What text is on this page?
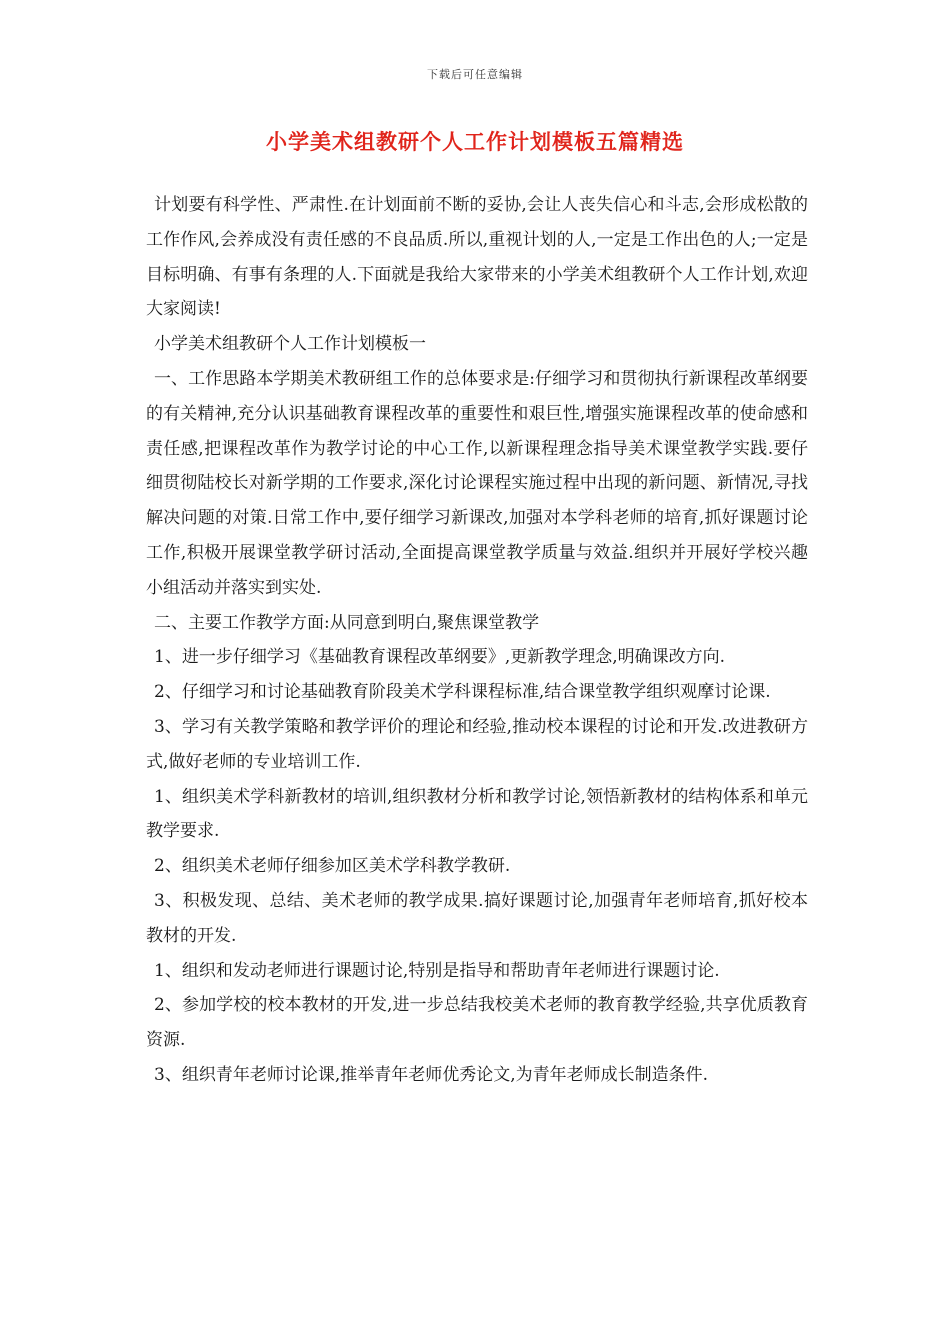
下载后可任意编辑
小学美术组教研个人工作计划模板五篇精选

计划要有科学性、严肃性.在计划面前不断的妥协,会让人丧失信心和斗志,会形成松散的工作作风,会养成没有责任感的不良品质.所以,重视计划的人,一定是工作出色的人;一定是目标明确、有事有条理的人.下面就是我给大家带来的小学美术组教研个人工作计划,欢迎大家阅读!

小学美术组教研个人工作计划模板一

一、工作思路本学期美术教研组工作的总体要求是:仔细学习和贯彻执行新课程改革纲要的有关精神,充分认识基础教育课程改革的重要性和艰巨性,增强实施课程改革的使命感和责任感,把课程改革作为教学讨论的中心工作,以新课程理念指导美术课堂教学实践.要仔细贯彻陆校长对新学期的工作要求,深化讨论课程实施过程中出现的新问题、新情况,寻找解决问题的对策.日常工作中,要仔细学习新课改,加强对本学科老师的培育,抓好课题讨论工作,积极开展课堂教学研讨活动,全面提高课堂教学质量与效益.组织并开展好学校兴趣小组活动并落实到实处.

二、主要工作教学方面:从同意到明白,聚焦课堂教学

1、进一步仔细学习《基础教育课程改革纲要》,更新教学理念,明确课改方向.

2、仔细学习和讨论基础教育阶段美术学科课程标准,结合课堂教学组织观摩讨论课.

3、学习有关教学策略和教学评价的理论和经验,推动校本课程的讨论和开发.改进教研方式,做好老师的专业培训工作.

1、组织美术学科新教材的培训,组织教材分析和教学讨论,领悟新教材的结构体系和单元教学要求.

2、组织美术老师仔细参加区美术学科教学教研.

3、积极发现、总结、美术老师的教学成果.搞好课题讨论,加强青年老师培育,抓好校本教材的开发.

1、组织和发动老师进行课题讨论,特别是指导和帮助青年老师进行课题讨论.

2、参加学校的校本教材的开发,进一步总结我校美术老师的教育教学经验,共享优质教育资源.

3、组织青年老师讨论课,推举青年老师优秀论文,为青年老师成长制造条件.
